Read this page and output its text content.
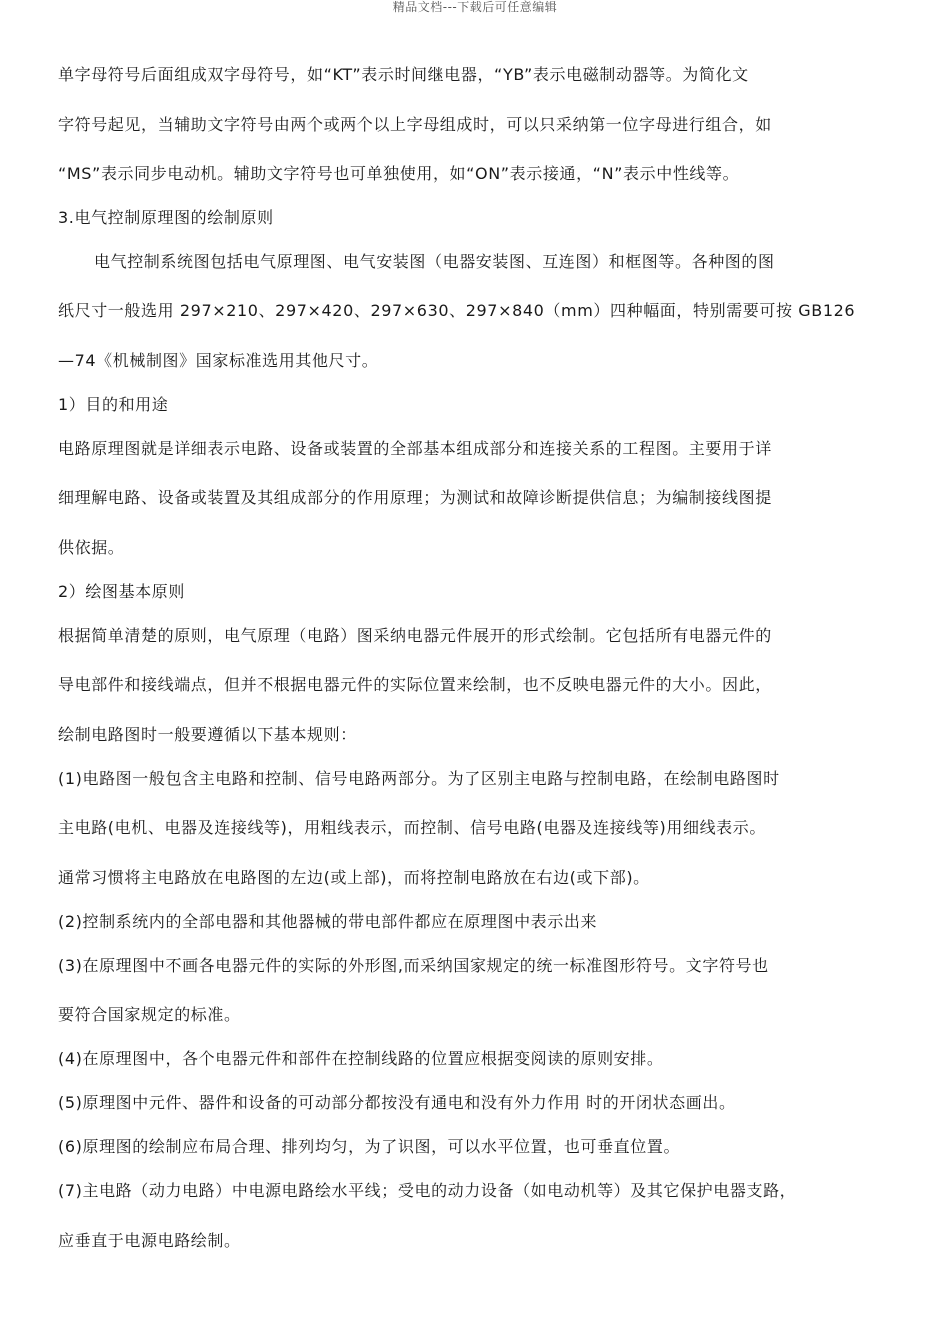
精品文档---下载后可任意编辑
单字母符号后面组成双字母符号，如“KT”表示时间继电器，“YB”表示电磁制动器等。为简化文
字符号起见，当辅助文字符号由两个或两个以上字母组成时，可以只采纳第一位字母进行组合，如
“MS”表示同步电动机。辅助文字符号也可单独使用，如“ON”表示接通，“N”表示中性线等。
3.电气控制原理图的绘制原则
电气控制系统图包括电气原理图、电气安装图（电器安装图、互连图）和框图等。各种图的图
纸尺寸一般选用 297×210、297×420、297×630、297×840（mm）四种幅面，特别需要可按 GB126
—74《机械制图》国家标准选用其他尺寸。
1）目的和用途
电路原理图就是详细表示电路、设备或装置的全部基本组成部分和连接关系的工程图。主要用于详
细理解电路、设备或装置及其组成部分的作用原理；为测试和故障诊断提供信息；为编制接线图提
供依据。
2）绘图基本原则
根据简单清楚的原则，电气原理（电路）图采纳电器元件展开的形式绘制。它包括所有电器元件的
导电部件和接线端点，但并不根据电器元件的实际位置来绘制，也不反映电器元件的大小。因此，
绘制电路图时一般要遵循以下基本规则：
(1)电路图一般包含主电路和控制、信号电路两部分。为了区别主电路与控制电路，在绘制电路图时
主电路(电机、电器及连接线等)，用粗线表示，而控制、信号电路(电器及连接线等)用细线表示。
通常习惯将主电路放在电路图的左边(或上部)，而将控制电路放在右边(或下部)。
(2)控制系统内的全部电器和其他器械的带电部件都应在原理图中表示出来
(3)在原理图中不画各电器元件的实际的外形图,而采纳国家规定的统一标准图形符号。文字符号也
要符合国家规定的标准。
(4)在原理图中，各个电器元件和部件在控制线路的位置应根据变阅读的原则安排。
(5)原理图中元件、器件和设备的可动部分都按没有通电和没有外力作用 时的开闭状态画出。
(6)原理图的绘制应布局合理、排列均匀，为了识图，可以水平位置，也可垂直位置。
(7)主电路（动力电路）中电源电路绘水平线；受电的动力设备（如电动机等）及其它保护电器支路，
应垂直于电源电路绘制。
